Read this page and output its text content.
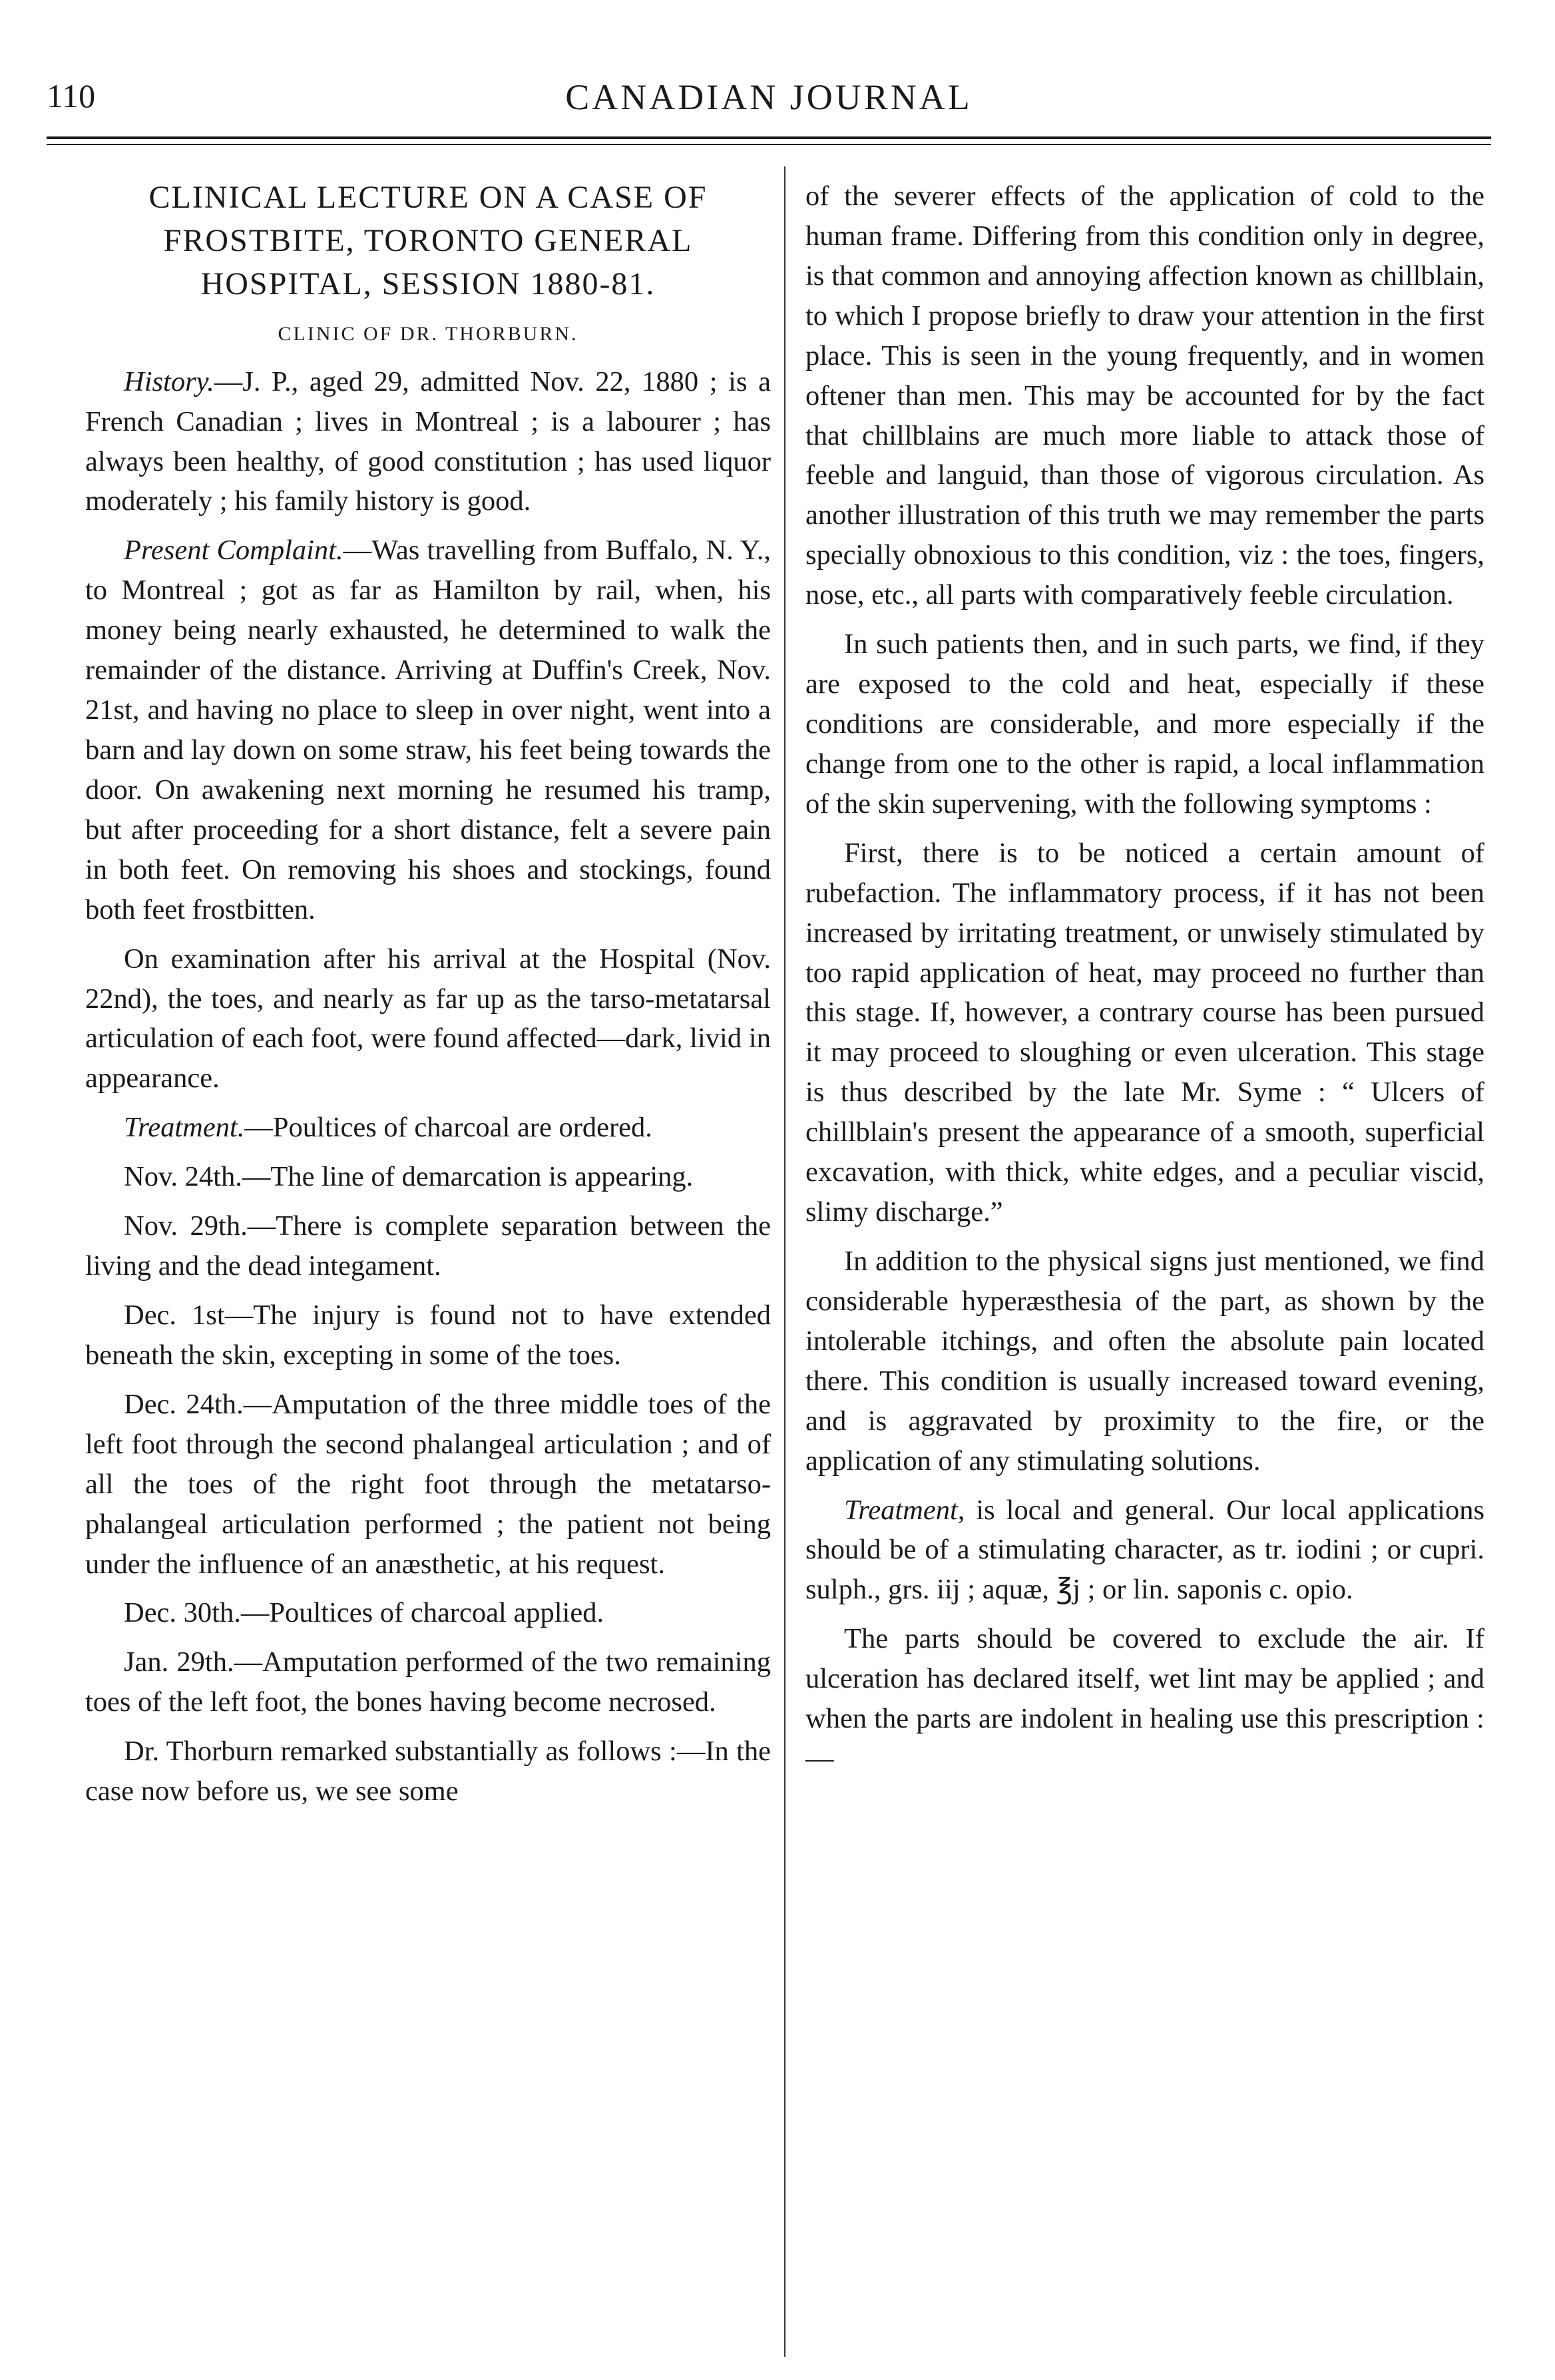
110	CANADIAN JOURNAL
CLINICAL LECTURE ON A CASE OF FROSTBITE, TORONTO GENERAL HOSPITAL, SESSION 1880-81.
CLINIC OF DR. THORBURN.

History.—J. P., aged 29, admitted Nov. 22, 1880 ; is a French Canadian ; lives in Montreal ; is a labourer ; has always been healthy, of good constitution ; has used liquor moderately ; his family history is good.

Present Complaint.—Was travelling from Buffalo, N. Y., to Montreal ; got as far as Hamilton by rail, when, his money being nearly exhausted, he determined to walk the remainder of the distance. Arriving at Duffin's Creek, Nov. 21st, and having no place to sleep in over night, went into a barn and lay down on some straw, his feet being towards the door. On awakening next morning he resumed his tramp, but after proceeding for a short distance, felt a severe pain in both feet. On removing his shoes and stockings, found both feet frostbitten.

On examination after his arrival at the Hospital (Nov. 22nd), the toes, and nearly as far up as the tarso-metatarsal articulation of each foot, were found affected—dark, livid in appearance.

Treatment.—Poultices of charcoal are ordered.

Nov. 24th.—The line of demarcation is appearing.

Nov. 29th.—There is complete separation between the living and the dead integament.

Dec. 1st—The injury is found not to have extended beneath the skin, excepting in some of the toes.

Dec. 24th.—Amputation of the three middle toes of the left foot through the second phalangeal articulation ; and of all the toes of the right foot through the metatarso-phalangeal articulation performed ; the patient not being under the influence of an anæsthetic, at his request.

Dec. 30th.—Poultices of charcoal applied.

Jan. 29th.—Amputation performed of the two remaining toes of the left foot, the bones having become necrosed.

Dr. Thorburn remarked substantially as follows :—In the case now before us, we see some

of the severer effects of the application of cold to the human frame. Differing from this condition only in degree, is that common and annoying affection known as chillblain, to which I propose briefly to draw your attention in the first place. This is seen in the young frequently, and in women oftener than men. This may be accounted for by the fact that chillblains are much more liable to attack those of feeble and languid, than those of vigorous circulation. As another illustration of this truth we may remember the parts specially obnoxious to this condition, viz : the toes, fingers, nose, etc., all parts with comparatively feeble circulation.

In such patients then, and in such parts, we find, if they are exposed to the cold and heat, especially if these conditions are considerable, and more especially if the change from one to the other is rapid, a local inflammation of the skin supervening, with the following symptoms :

First, there is to be noticed a certain amount of rubefaction. The inflammatory process, if it has not been increased by irritating treatment, or unwisely stimulated by too rapid application of heat, may proceed no further than this stage. If, however, a contrary course has been pursued it may proceed to sloughing or even ulceration. This stage is thus described by the late Mr. Syme : “ Ulcers of chillblain's present the appearance of a smooth, superficial excavation, with thick, white edges, and a peculiar viscid, slimy discharge.”

In addition to the physical signs just mentioned, we find considerable hyperæsthesia of the part, as shown by the intolerable itchings, and often the absolute pain located there. This condition is usually increased toward evening, and is aggravated by proximity to the fire, or the application of any stimulating solutions.

Treatment, is local and general. Our local applications should be of a stimulating character, as tr. iodini ; or cupri. sulph., grs. iij ; aquæ, ℥j ; or lin. saponis c. opio.

The parts should be covered to exclude the air. If ulceration has declared itself, wet lint may be applied ; and when the parts are indolent in healing use this prescription :—
